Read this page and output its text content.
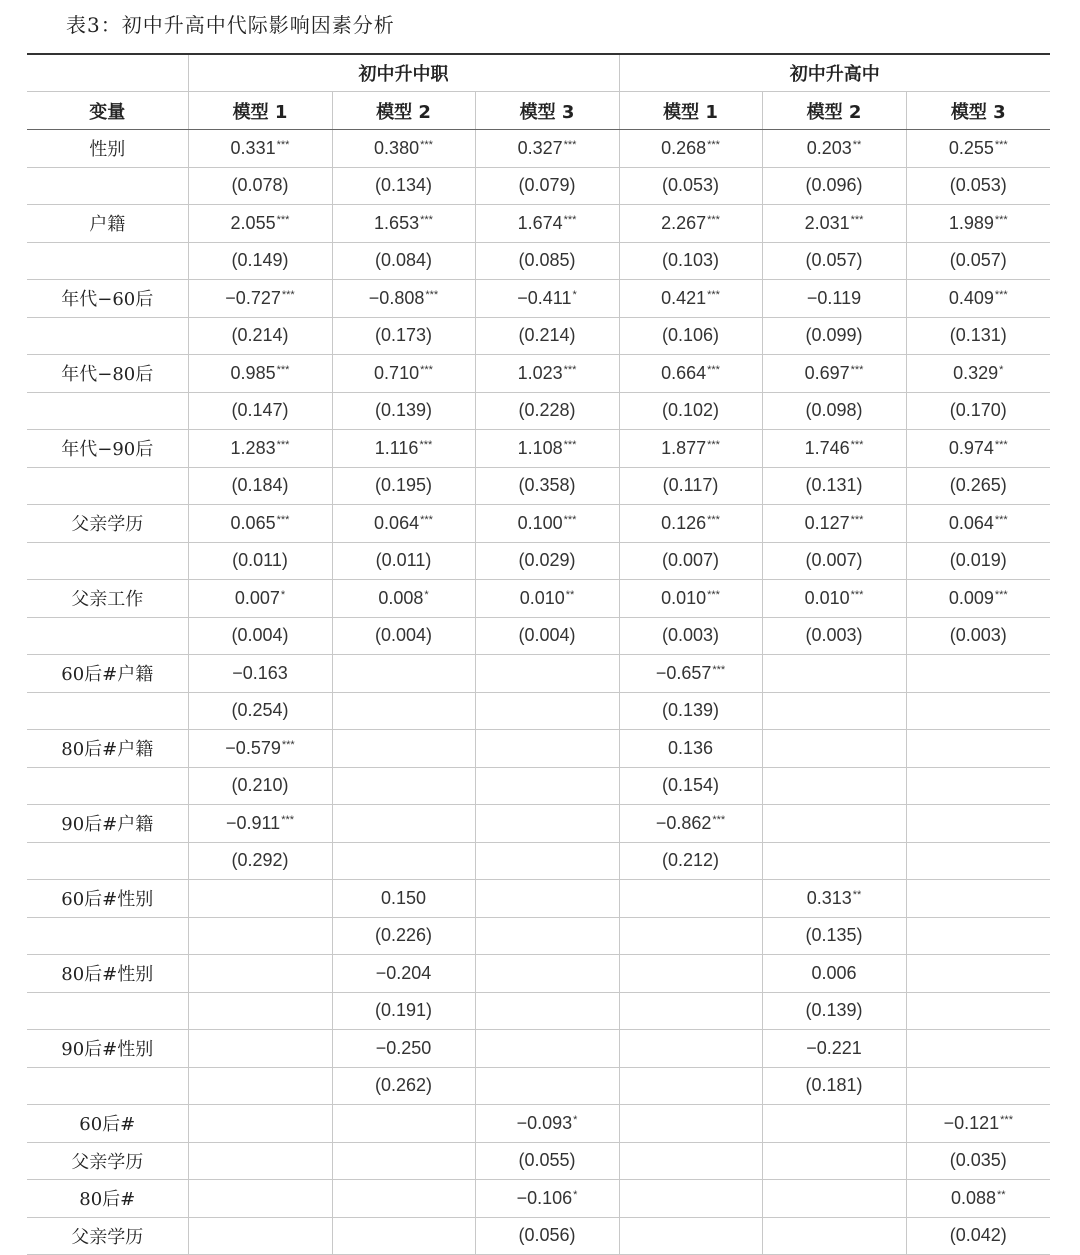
表3：初中升高中代际影响因素分析
	初中升中职			初中升高中		
变量	模型 1	模型 2	模型 3	模型 1	模型 2	模型 3
性别	0.331***	0.380***	0.327***	0.268***	0.203**	0.255***
	(0.078)	(0.134)	(0.079)	(0.053)	(0.096)	(0.053)
户籍	2.055***	1.653***	1.674***	2.267***	2.031***	1.989***
	(0.149)	(0.084)	(0.085)	(0.103)	(0.057)	(0.057)
年代−60后	−0.727***	−0.808***	−0.411*	0.421***	−0.119	0.409***
	(0.214)	(0.173)	(0.214)	(0.106)	(0.099)	(0.131)
年代−80后	0.985***	0.710***	1.023***	0.664***	0.697***	0.329*
	(0.147)	(0.139)	(0.228)	(0.102)	(0.098)	(0.170)
年代−90后	1.283***	1.116***	1.108***	1.877***	1.746***	0.974***
	(0.184)	(0.195)	(0.358)	(0.117)	(0.131)	(0.265)
父亲学历	0.065***	0.064***	0.100***	0.126***	0.127***	0.064***
	(0.011)	(0.011)	(0.029)	(0.007)	(0.007)	(0.019)
父亲工作	0.007*	0.008*	0.010**	0.010***	0.010***	0.009***
	(0.004)	(0.004)	(0.004)	(0.003)	(0.003)	(0.003)
60后#户籍	−0.163			−0.657***		
	(0.254)			(0.139)		
80后#户籍	−0.579***			0.136		
	(0.210)			(0.154)		
90后#户籍	−0.911***			−0.862***		
	(0.292)			(0.212)		
60后#性别		0.150			0.313**	
		(0.226)			(0.135)	
80后#性别		−0.204			0.006	
		(0.191)			(0.139)	
90后#性别		−0.250			−0.221	
		(0.262)			(0.181)	
60后#			−0.093*			−0.121***
父亲学历			(0.055)			(0.035)
80后#			−0.106*			0.088**
父亲学历			(0.056)			(0.042)
